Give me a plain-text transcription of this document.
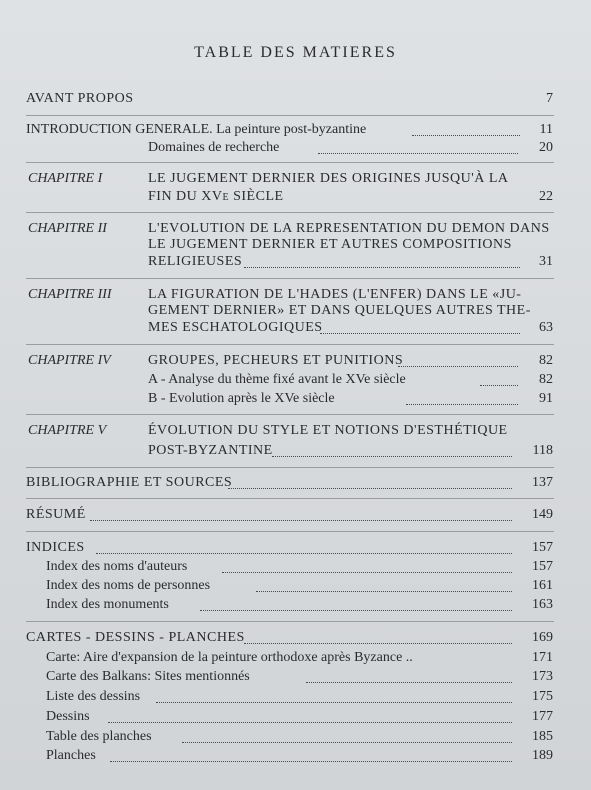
TABLE DES MATIERES
AVANT PROPOS	7
INTRODUCTION GENERALE. La peinture post-byzantine	11
Domaines de recherche	20
CHAPITRE I	LE JUGEMENT DERNIER DES ORIGINES JUSQU'À LA
FIN DU XVe SIÈCLE	22
CHAPITRE II	L'EVOLUTION DE LA REPRESENTATION DU DEMON DANS
LE JUGEMENT DERNIER ET AUTRES COMPOSITIONS
RELIGIEUSES	31
CHAPITRE III	LA FIGURATION DE L'HADES (L'ENFER) DANS LE «JU-
GEMENT DERNIER» ET DANS QUELQUES AUTRES THE-
MES ESCHATOLOGIQUES	63
CHAPITRE IV	GROUPES, PECHEURS ET PUNITIONS	82
A - Analyse du thème fixé avant le XVe siècle	82
B - Evolution après le XVe siècle	91
CHAPITRE V	ÉVOLUTION DU STYLE ET NOTIONS D'ESTHÉTIQUE
POST-BYZANTINE	118
BIBLIOGRAPHIE ET SOURCES	137
RÉSUMÉ	149
INDICES	157
Index des noms d'auteurs	157
Index des noms de personnes	161
Index des monuments	163
CARTES - DESSINS - PLANCHES	169
Carte: Aire d'expansion de la peinture orthodoxe après Byzance ..	171
Carte des Balkans: Sites mentionnés	173
Liste des dessins	175
Dessins	177
Table des planches	185
Planches	189
